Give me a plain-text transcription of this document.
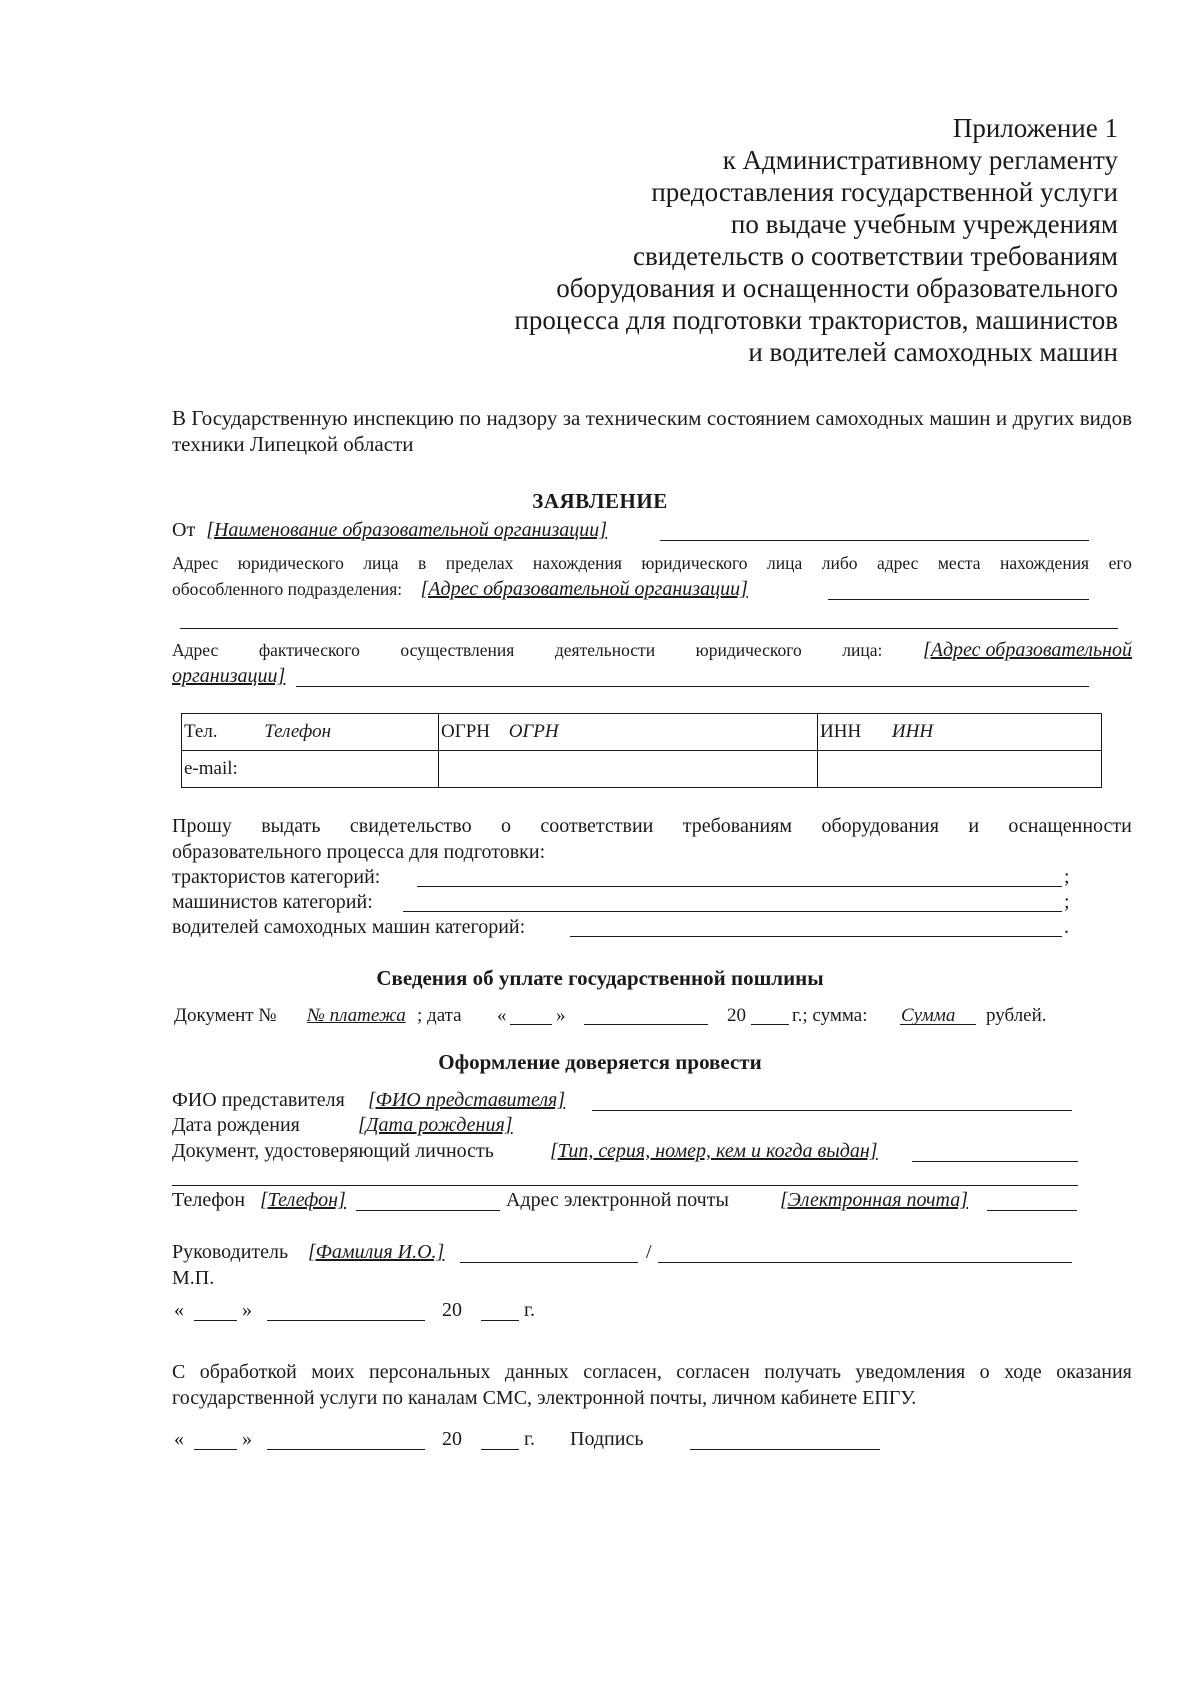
Приложение 1
к Административному регламенту
предоставления государственной услуги
по выдаче учебным учреждениям
свидетельств о соответствии требованиям
оборудования и оснащенности образовательного
процесса для подготовки трактористов, машинистов
и водителей самоходных машин
В Государственную инспекцию по надзору за техническим состоянием самоходных машин и других видов техники Липецкой области
ЗАЯВЛЕНИЕ
От [Наименование образовательной организации]
Адрес юридического лица в пределах нахождения юридического лица либо адрес места нахождения его
обособленного подразделения: [Адрес образовательной организации]
Адрес фактического осуществления деятельности юридического лица: [Адрес образовательной
организации]
Тел. Телефон	ОГРН ОГРН	ИНН ИНН
e-mail:		
Прошу выдать свидетельство о соответствии требованиям оборудования и оснащенности
образовательного процесса для подготовки:
трактористов категорий:	;
машинистов категорий:	;
водителей самоходных машин категорий:	.
Сведения об уплате государственной пошлины
Документ № № платежа ; дата «	»	20 г.; сумма: Сумма рублей.
Оформление доверяется провести
ФИО представителя [ФИО представителя]
Дата рождения	[Дата рождения]
Документ, удостоверяющий личность	[Тип, серия, номер, кем и когда выдан]
Телефон [Телефон]	Адрес электронной почты	[Электронная почта]
Руководитель [Фамилия И.О.]	/
М.П.
«	»	20	г.
С обработкой моих персональных данных согласен, согласен получать уведомления о ходе оказания
государственной услуги по каналам СМС, электронной почты, личном кабинете ЕПГУ.
«	»	20	г. Подпись
